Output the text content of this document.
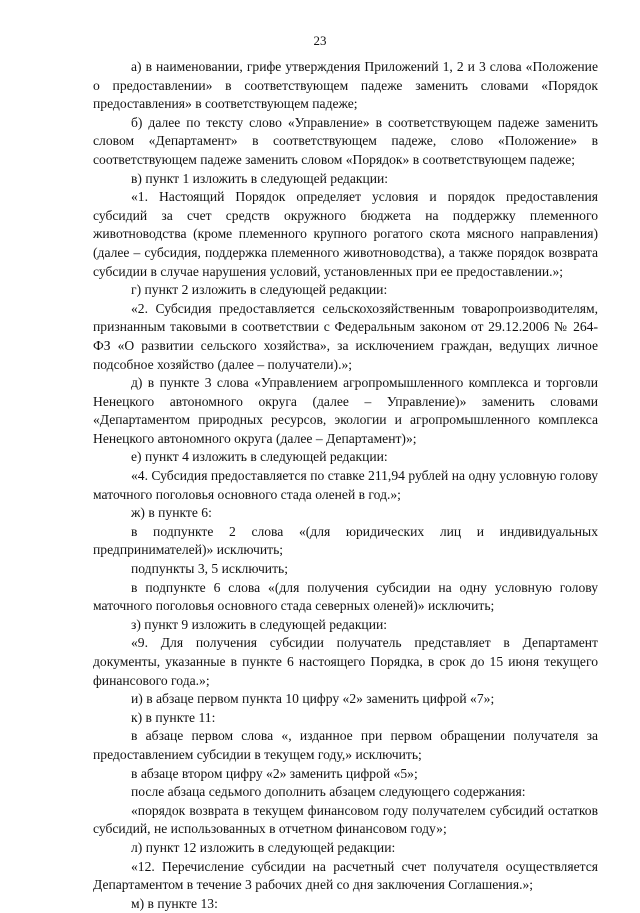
23

а) в наименовании, грифе утверждения Приложений 1, 2 и 3 слова «Положение о предоставлении» в соответствующем падеже заменить словами «Порядок предоставления» в соответствующем падеже;

б) далее по тексту слово «Управление» в соответствующем падеже заменить словом «Департамент» в соответствующем падеже, слово «Положение» в соответствующем падеже заменить словом «Порядок» в соответствующем падеже;

в) пункт 1 изложить в следующей редакции:

«1. Настоящий Порядок определяет условия и порядок предоставления субсидий за счет средств окружного бюджета на поддержку племенного животноводства (кроме племенного крупного рогатого скота мясного направления) (далее – субсидия, поддержка племенного животноводства), а также порядок возврата субсидии в случае нарушения условий, установленных при ее предоставлении.»;

г) пункт 2 изложить в следующей редакции:

«2. Субсидия предоставляется сельскохозяйственным товаропроизводителям, признанным таковыми в соответствии с Федеральным законом от 29.12.2006 № 264-ФЗ «О развитии сельского хозяйства», за исключением граждан, ведущих личное подсобное хозяйство (далее – получатели).»;

д) в пункте 3 слова «Управлением агропромышленного комплекса и торговли Ненецкого автономного округа (далее – Управление)» заменить словами «Департаментом природных ресурсов, экологии и агропромышленного комплекса Ненецкого автономного округа (далее – Департамент)»;

е) пункт 4 изложить в следующей редакции:

«4. Субсидия предоставляется по ставке 211,94 рублей на одну условную голову маточного поголовья основного стада оленей в год.»;

ж) в пункте 6:

в подпункте 2 слова «(для юридических лиц и индивидуальных предпринимателей)» исключить;

подпункты 3, 5 исключить;

в подпункте 6 слова «(для получения субсидии на одну условную голову маточного поголовья основного стада северных оленей)» исключить;

з) пункт 9 изложить в следующей редакции:

«9. Для получения субсидии получатель представляет в Департамент документы, указанные в пункте 6 настоящего Порядка, в срок до 15 июня текущего финансового года.»;

и) в абзаце первом пункта 10 цифру «2» заменить цифрой «7»;

к) в пункте 11:

в абзаце первом слова «, изданное при первом обращении получателя за предоставлением субсидии в текущем году,» исключить;

в абзаце втором цифру «2» заменить цифрой «5»;

после абзаца седьмого дополнить абзацем следующего содержания:

«порядок возврата в текущем финансовом году получателем субсидий остатков субсидий, не использованных в отчетном финансовом году»;

л) пункт 12 изложить в следующей редакции:

«12. Перечисление субсидии на расчетный счет получателя осуществляется Департаментом в течение 3 рабочих дней со дня заключения Соглашения.»;

м) в пункте 13:
